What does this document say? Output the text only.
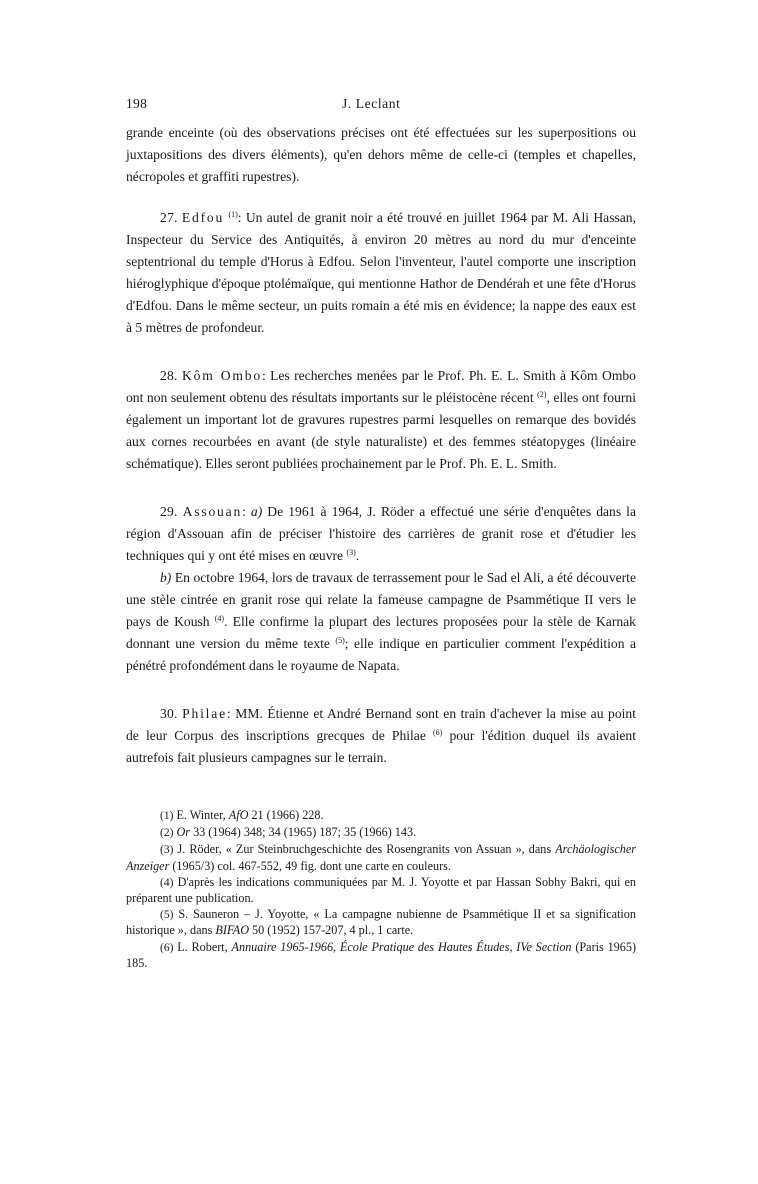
198	J. Leclant

grande enceinte (où des observations précises ont été effectuées sur les superpositions ou juxtapositions des divers éléments), qu'en dehors même de celle-ci (temples et chapelles, nécropoles et graffiti rupestres).

27. Edfou $^{(1)}$: Un autel de granit noir a été trouvé en juillet 1964 par M. Ali Hassan, Inspecteur du Service des Antiquités, à environ 20 mètres au nord du mur d'enceinte septentrional du temple d'Horus à Edfou. Selon l'inventeur, l'autel comporte une inscription hiéroglyphique d'époque ptolémaïque, qui mentionne Hathor de Dendérah et une fête d'Horus d'Edfou. Dans le même secteur, un puits romain a été mis en évidence; la nappe des eaux est à 5 mètres de profondeur.

28. Kôm Ombo: Les recherches menées par le Prof. Ph. E. L. Smith à Kôm Ombo ont non seulement obtenu des résultats importants sur le pléistocène récent $^{(2)}$, elles ont fourni également un important lot de gravures rupestres parmi lesquelles on remarque des bovidés aux cornes recourbées en avant (de style naturaliste) et des femmes stéatopyges (linéaire schématique). Elles seront publiées prochainement par le Prof. Ph. E. L. Smith.

29. Assouan: a) De 1961 à 1964, J. Röder a effectué une série d'enquêtes dans la région d'Assouan afin de préciser l'histoire des carrières de granit rose et d'étudier les techniques qui y ont été mises en œuvre $^{(3)}$.
b) En octobre 1964, lors de travaux de terrassement pour le Sad el Ali, a été découverte une stèle cintrée en granit rose qui relate la fameuse campagne de Psammétique II vers le pays de Koush $^{(4)}$. Elle confirme la plupart des lectures proposées pour la stèle de Karnak donnant une version du même texte $^{(5)}$; elle indique en particulier comment l'expédition a pénétré profondément dans le royaume de Napata.

30. Philae: MM. Étienne et André Bernand sont en train d'achever la mise au point de leur Corpus des inscriptions grecques de Philae $^{(6)}$ pour l'édition duquel ils avaient autrefois fait plusieurs campagnes sur le terrain.

(1) E. Winter, AfO 21 (1966) 228.

(2) Or 33 (1964) 348; 34 (1965) 187; 35 (1966) 143.

(3) J. Röder, « Zur Steinbruchgeschichte des Rosengranits von Assuan », dans Archäologischer Anzeiger (1965/3) col. 467-552, 49 fig. dont une carte en couleurs.

(4) D'après les indications communiquées par M. J. Yoyotte et par Hassan Sobhy Bakri, qui en préparent une publication.

(5) S. Sauneron – J. Yoyotte, « La campagne nubienne de Psammétique II et sa signification historique », dans BIFAO 50 (1952) 157-207, 4 pl., 1 carte.

(6) L. Robert, Annuaire 1965-1966, École Pratique des Hautes Études, IVe Section (Paris 1965) 185.
